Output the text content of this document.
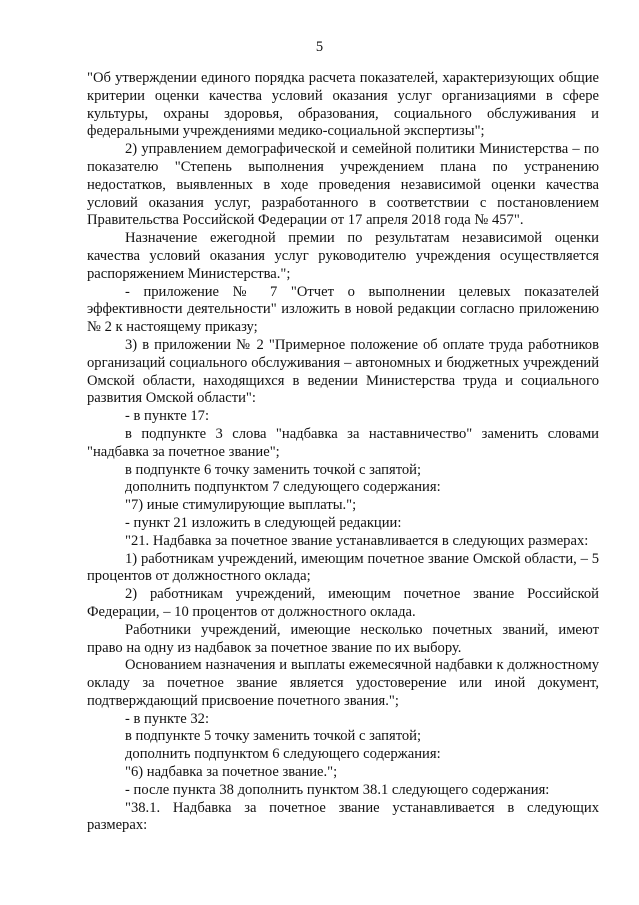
5

"Об утверждении единого порядка расчета показателей, характеризующих общие критерии оценки качества условий оказания услуг организациями в сфере культуры, охраны здоровья, образования, социального обслуживания и федеральными учреждениями медико-социальной экспертизы";

2) управлением демографической и семейной политики Министерства – по показателю "Степень выполнения учреждением плана по устранению недостатков, выявленных в ходе проведения независимой оценки качества условий оказания услуг, разработанного в соответствии с постановлением Правительства Российской Федерации от 17 апреля 2018 года № 457".

Назначение ежегодной премии по результатам независимой оценки качества условий оказания услуг руководителю учреждения осуществляется распоряжением Министерства.";

- приложение № 7 "Отчет о выполнении целевых показателей эффективности деятельности" изложить в новой редакции согласно приложению № 2 к настоящему приказу;

3) в приложении № 2 "Примерное положение об оплате труда работников организаций социального обслуживания – автономных и бюджетных учреждений Омской области, находящихся в ведении Министерства труда и социального развития Омской области":

- в пункте 17:

в подпункте 3 слова "надбавка за наставничество" заменить словами "надбавка за почетное звание";

в подпункте 6 точку заменить точкой с запятой;

дополнить подпунктом 7 следующего содержания:

"7) иные стимулирующие выплаты.";

- пункт 21 изложить в следующей редакции:

"21. Надбавка за почетное звание устанавливается в следующих размерах:

1) работникам учреждений, имеющим почетное звание Омской области, – 5 процентов от должностного оклада;

2) работникам учреждений, имеющим почетное звание Российской Федерации, – 10 процентов от должностного оклада.

Работники учреждений, имеющие несколько почетных званий, имеют право на одну из надбавок за почетное звание по их выбору.

Основанием назначения и выплаты ежемесячной надбавки к должностному окладу за почетное звание является удостоверение или иной документ, подтверждающий присвоение почетного звания.";

- в пункте 32:

в подпункте 5 точку заменить точкой с запятой;

дополнить подпунктом 6 следующего содержания:

"6) надбавка за почетное звание.";

- после пункта 38 дополнить пунктом 38.1 следующего содержания:

"38.1. Надбавка за почетное звание устанавливается в следующих размерах:
